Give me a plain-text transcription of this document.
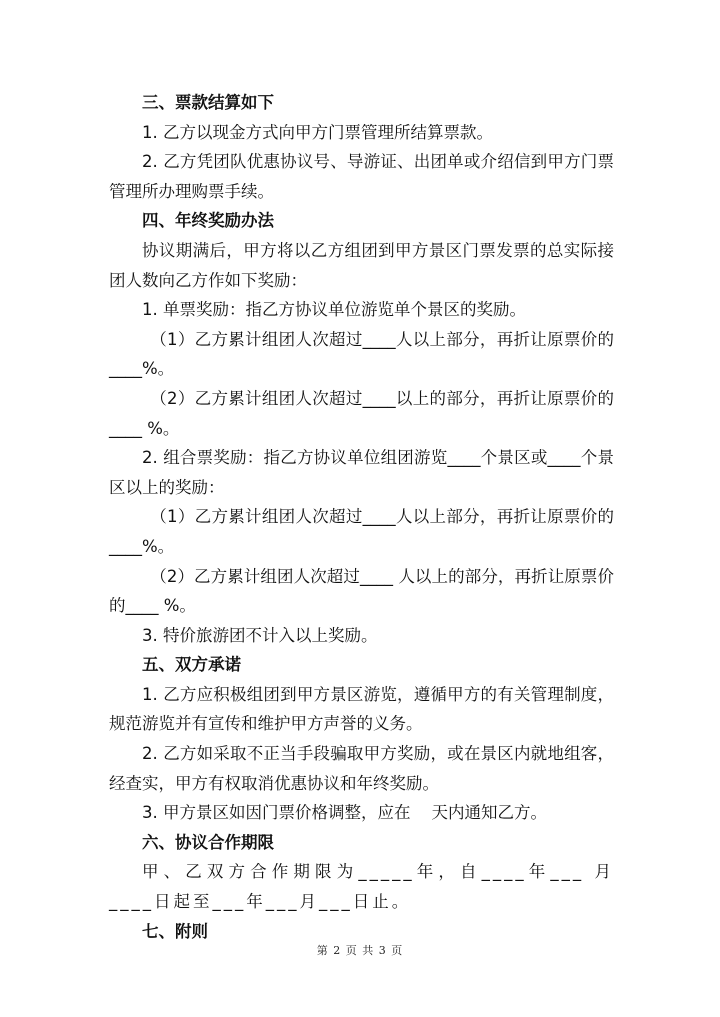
三、票款结算如下

1. 乙方以现金方式向甲方门票管理所结算票款。

2. 乙方凭团队优惠协议号、导游证、出团单或介绍信到甲方门票管理所办理购票手续。

四、年终奖励办法

协议期满后，甲方将以乙方组团到甲方景区门票发票的总实际接团人数向乙方作如下奖励：

1. 单票奖励：指乙方协议单位游览单个景区的奖励。

（1）乙方累计组团人次超过____人以上部分，再折让原票价的 ____%。

（2）乙方累计组团人次超过____以上的部分，再折让原票价的____ %。

2. 组合票奖励：指乙方协议单位组团游览____个景区或____个景区以上的奖励：

（1）乙方累计组团人次超过____人以上部分，再折让原票价的____%。

（2）乙方累计组团人次超过____ 人以上的部分，再折让原票价的____ %。

3. 特价旅游团不计入以上奖励。

五、双方承诺

1. 乙方应积极组团到甲方景区游览，遵循甲方的有关管理制度，规范游览并有宣传和维护甲方声誉的义务。

2. 乙方如采取不正当手段骗取甲方奖励，或在景区内就地组客，经查实，甲方有权取消优惠协议和年终奖励。

3. 甲方景区如因门票价格调整，应在    天内通知乙方。

六、协议合作期限

甲、乙双方合作期限为_____年，自____年___ 月____日起至___年___月___日止。

七、附则

第 2 页 共 3 页
